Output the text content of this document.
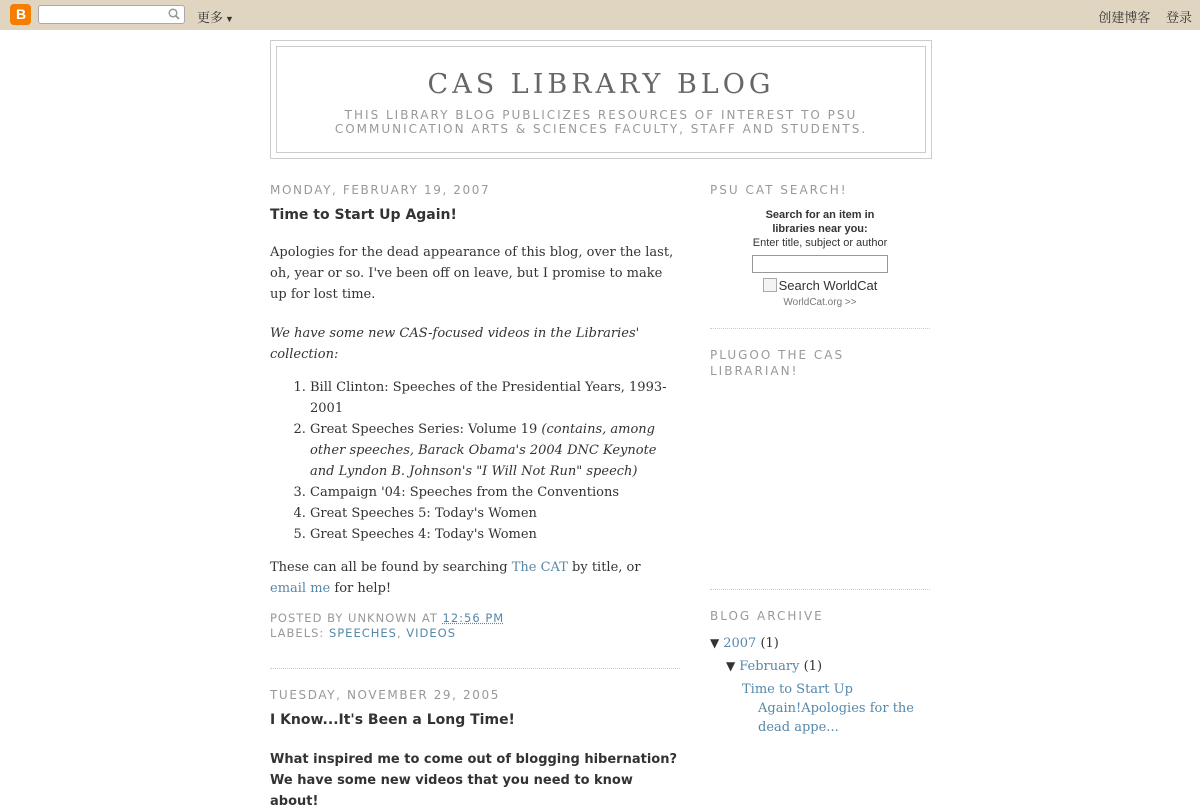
B	更多 ▼	创建博客 登录
CAS LIBRARY BLOG
THIS LIBRARY BLOG PUBLICIZES RESOURCES OF INTEREST TO PSU COMMUNICATION ARTS & SCIENCES FACULTY, STAFF AND STUDENTS.
MONDAY, FEBRUARY 19, 2007
Time to Start Up Again!

Apologies for the dead appearance of this blog, over the last, oh, year or so. I've been off on leave, but I promise to make up for lost time.

We have some new CAS-focused videos in the Libraries' collection:

1. Bill Clinton: Speeches of the Presidential Years, 1993-2001
2. Great Speeches Series: Volume 19 (contains, among other speeches, Barack Obama's 2004 DNC Keynote and Lyndon B. Johnson's "I Will Not Run" speech)
3. Campaign '04: Speeches from the Conventions
4. Great Speeches 5: Today's Women
5. Great Speeches 4: Today's Women

These can all be found by searching The CAT by title, or email me for help!

POSTED BY UNKNOWN AT 12:56 PM
LABELS: SPEECHES, VIDEOS
TUESDAY, NOVEMBER 29, 2005
I Know...It's Been a Long Time!
What inspired me to come out of blogging hibernation? We have some new videos that you need to know about!
PSU CAT SEARCH!
Search for an item in libraries near you:
Enter title, subject or author
Search WorldCat
WorldCat.org >>
PLUGOO THE CAS LIBRARIAN!
BLOG ARCHIVE
▼ 2007 (1)
▼ February (1)
Time to Start Up Again!Apologies for the dead appe...
